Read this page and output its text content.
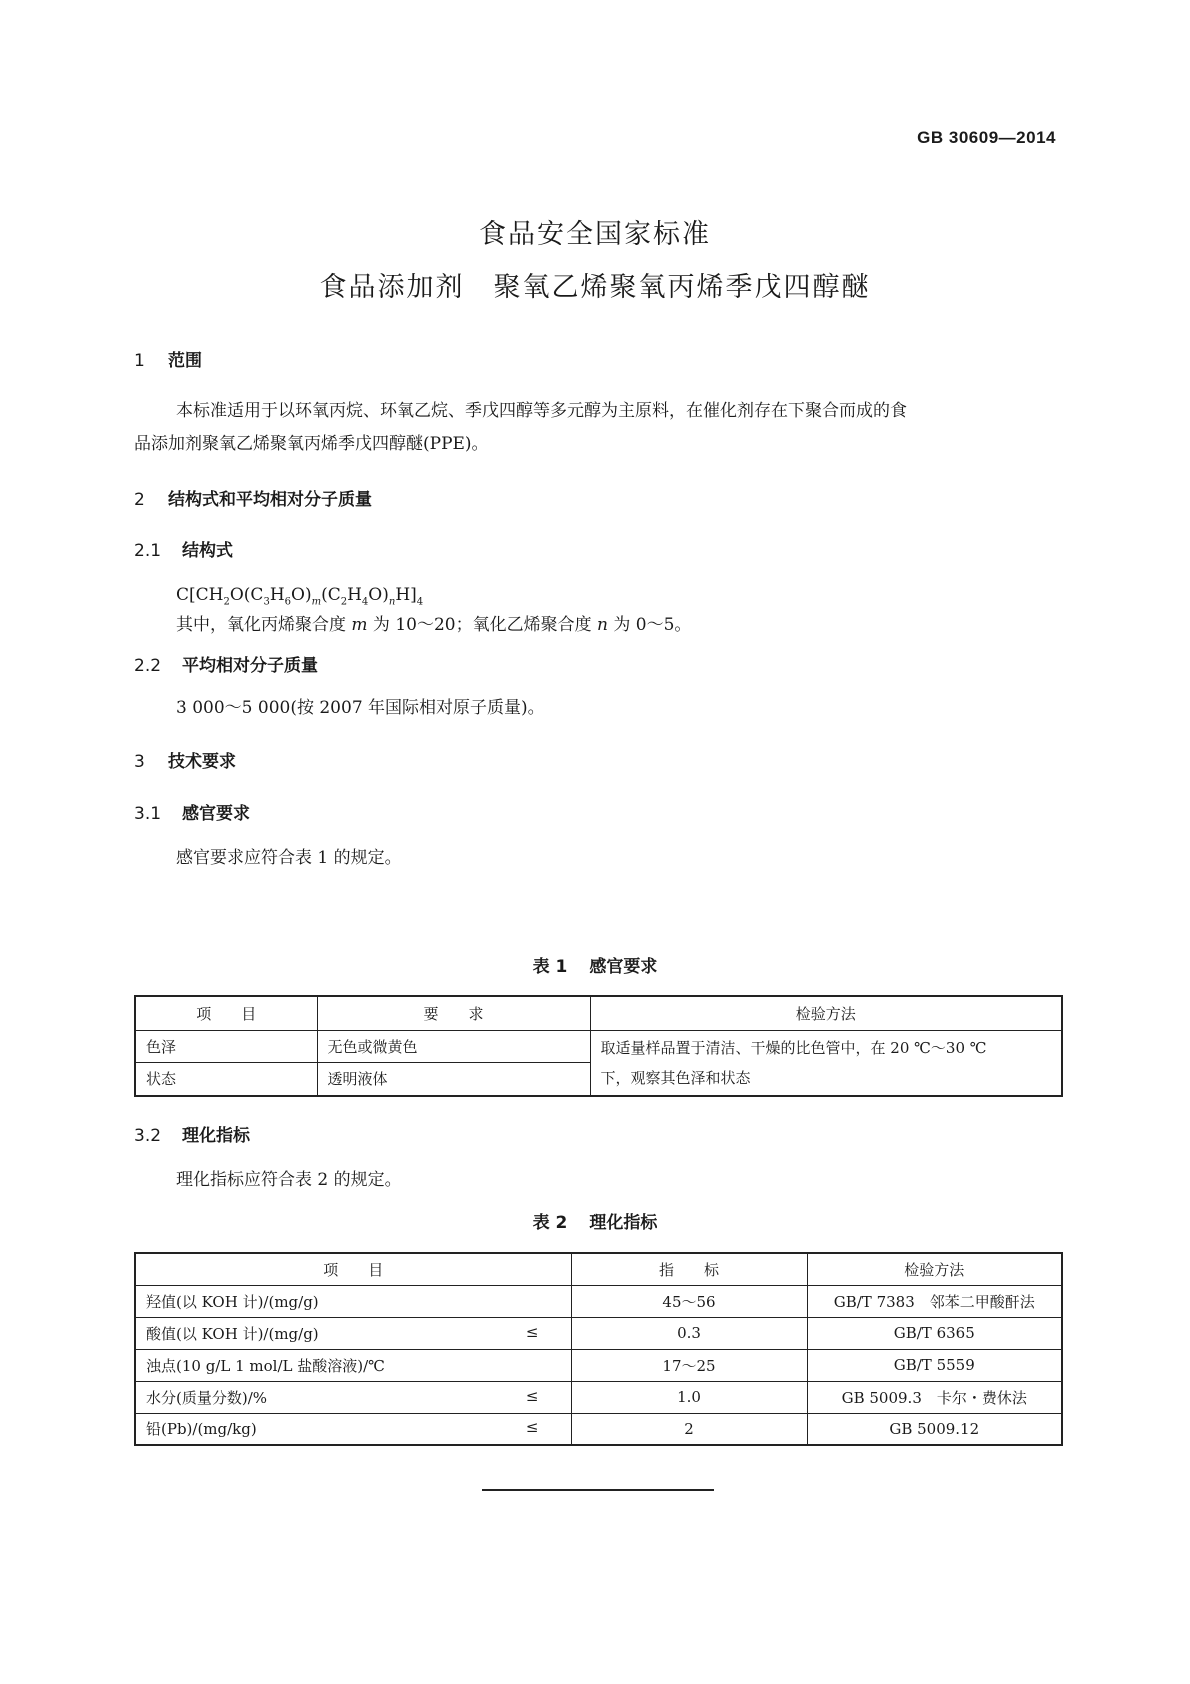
GB 30609—2014
食品安全国家标准
食品添加剂　聚氧乙烯聚氧丙烯季戊四醇醚
1 范围
本标准适用于以环氧丙烷、环氧乙烷、季戊四醇等多元醇为主原料，在催化剂存在下聚合而成的食
品添加剂聚氧乙烯聚氧丙烯季戊四醇醚(PPE)。
2 结构式和平均相对分子质量
2.1 结构式
$C[CH_2O(C_3H_6O)_m(C_2H_4O)_nH]_4$
其中，氧化丙烯聚合度 m 为 10～20；氧化乙烯聚合度 n 为 0～5。
2.2 平均相对分子质量
3 000～5 000(按 2007 年国际相对原子质量)。
3 技术要求
3.1 感官要求
感官要求应符合表 1 的规定。
表 1 感官要求
项　　目	要　　求	检验方法
色泽	无色或微黄色	取适量样品置于清洁、干燥的比色管中，在 20 ℃～30 ℃
下，观察其色泽和状态

状态	透明液体	
3.2 理化指标
理化指标应符合表 2 的规定。
表 2 理化指标
项　　目	指　　标	检验方法
羟值(以 KOH 计)/(mg/g)	45～56	GB/T 7383　邻苯二甲酸酐法
酸值(以 KOH 计)/(mg/g) ≤	0.3	GB/T 6365
浊点(10 g/L 1 mol/L 盐酸溶液)/℃	17～25	GB/T 5559
水分(质量分数)/% ≤	1.0	GB 5009.3　卡尔・费休法
铅(Pb)/(mg/kg) ≤	2	GB 5009.12
